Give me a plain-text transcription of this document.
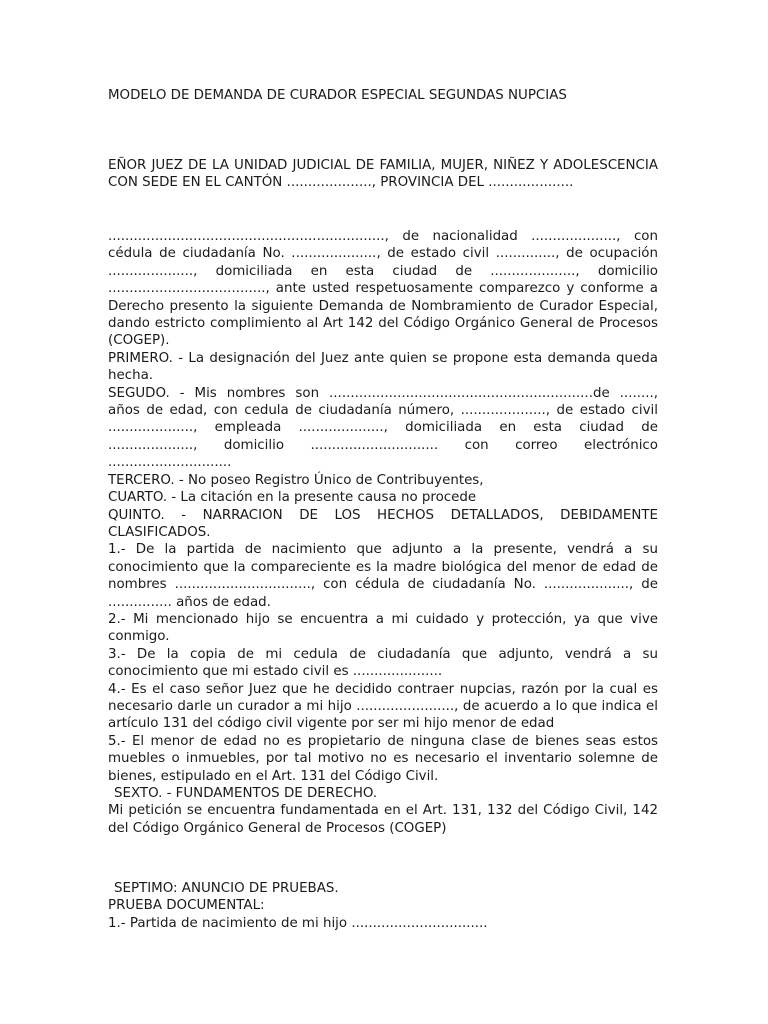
MODELO DE DEMANDA DE CURADOR ESPECIAL SEGUNDAS NUPCIAS

EÑOR JUEZ DE LA UNIDAD JUDICIAL DE FAMILIA, MUJER, NIÑEZ Y ADOLESCENCIA CON SEDE EN EL CANTÓN ...................., PROVINCIA DEL ....................

................................................................., de nacionalidad ...................., con cédula de ciudadanía No. ...................., de estado civil .............., de ocupación ...................., domiciliada en esta ciudad de ...................., domicilio ....................................., ante usted respetuosamente comparezco y conforme a Derecho presento la siguiente Demanda de Nombramiento de Curador Especial, dando estricto complimiento al Art 142 del Código Orgánico General de Procesos (COGEP).

PRIMERO. - La designación del Juez ante quien se propone esta demanda queda hecha.

SEGUDO. - Mis nombres son ..............................................................de ........, años de edad, con cedula de ciudadanía número, ...................., de estado civil ...................., empleada ...................., domiciliada en esta ciudad de ...................., domicilio .............................. con correo electrónico .............................

TERCERO. - No poseo Registro Único de Contribuyentes,

CUARTO. - La citación en la presente causa no procede

QUINTO. - NARRACION DE LOS HECHOS DETALLADOS, DEBIDAMENTE CLASIFICADOS.

1.- De la partida de nacimiento que adjunto a la presente, vendrá a su conocimiento que la compareciente es la madre biológica del menor de edad de nombres ................................, con cédula de ciudadanía No. ...................., de ............... años de edad.

2.- Mi mencionado hijo se encuentra a mi cuidado y protección, ya que vive conmigo.

3.- De la copia de mi cedula de ciudadanía que adjunto, vendrá a su conocimiento que mi estado civil es .....................

4.- Es el caso señor Juez que he decidido contraer nupcias, razón por la cual es necesario darle un curador a mi hijo ......................., de acuerdo a lo que indica el artículo 131 del código civil vigente por ser mi hijo menor de edad

5.- El menor de edad no es propietario de ninguna clase de bienes seas estos muebles o inmuebles, por tal motivo no es necesario el inventario solemne de bienes, estipulado en el Art. 131 del Código Civil.

SEXTO. - FUNDAMENTOS DE DERECHO.

Mi petición se encuentra fundamentada en el Art. 131, 132 del Código Civil, 142 del Código Orgánico General de Procesos (COGEP)

SEPTIMO: ANUNCIO DE PRUEBAS.

PRUEBA DOCUMENTAL:

1.- Partida de nacimiento de mi hijo ................................
